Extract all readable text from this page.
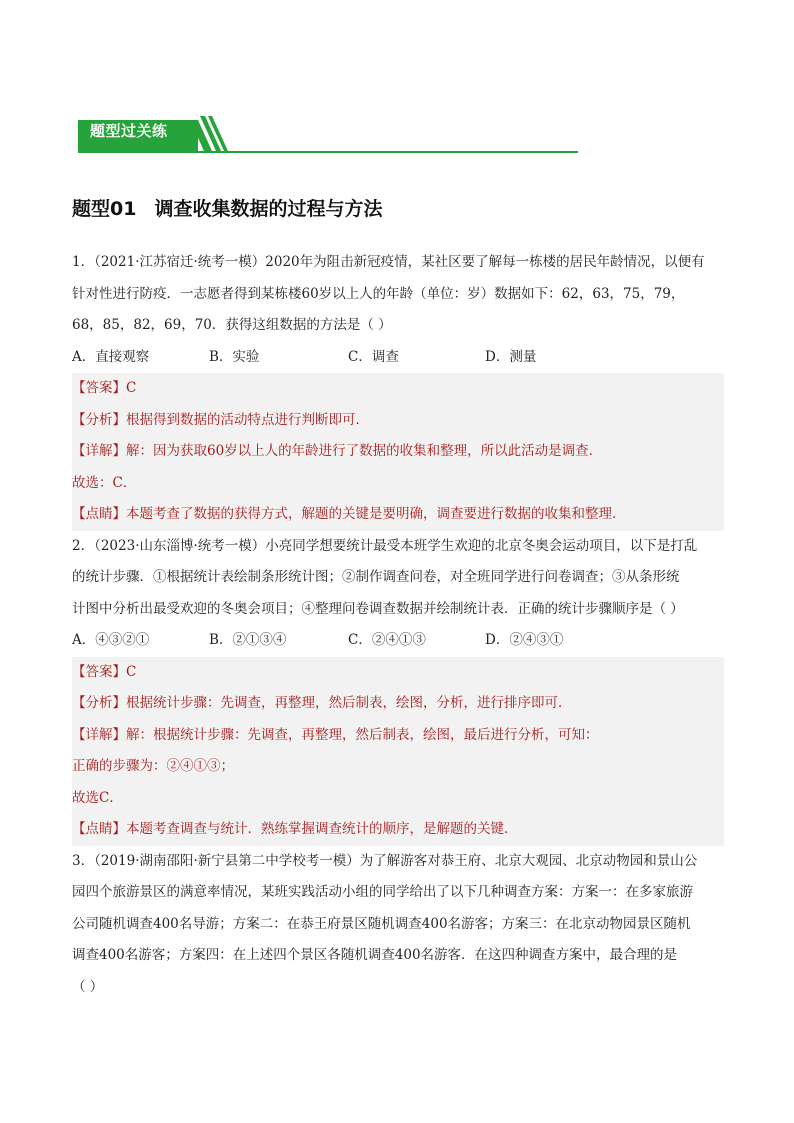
题型过关练
题型01 调查收集数据的过程与方法
1．（2021·江苏宿迁·统考一模）2020年为阻击新冠疫情，某社区要了解每一栋楼的居民年龄情况，以便有
针对性进行防疫．一志愿者得到某栋楼60岁以上人的年龄（单位：岁）数据如下：62，63，75，79，
68，85，82，69，70．获得这组数据的方法是（ ）
A．直接观察	B．实验	C．调查	D．测量
【答案】C
【分析】根据得到数据的活动特点进行判断即可．
【详解】解：因为获取60岁以上人的年龄进行了数据的收集和整理，所以此活动是调查．
故选：C．
【点睛】本题考查了数据的获得方式，解题的关键是要明确，调查要进行数据的收集和整理．
2．（2023·山东淄博·统考一模）小亮同学想要统计最受本班学生欢迎的北京冬奥会运动项目，以下是打乱
的统计步骤．①根据统计表绘制条形统计图；②制作调查问卷，对全班同学进行问卷调查；③从条形统
计图中分析出最受欢迎的冬奥会项目；④整理问卷调查数据并绘制统计表．正确的统计步骤顺序是（ ）
A．④③②①	B．②①③④	C．②④①③	D．②④③①
【答案】C
【分析】根据统计步骤：先调查，再整理，然后制表，绘图，分析，进行排序即可．
【详解】解：根据统计步骤：先调查，再整理，然后制表，绘图，最后进行分析，可知：
正确的步骤为：②④①③；
故选C．
【点睛】本题考查调查与统计．熟练掌握调查统计的顺序，是解题的关键．
3．（2019·湖南邵阳·新宁县第二中学校考一模）为了解游客对恭王府、北京大观园、北京动物园和景山公
园四个旅游景区的满意率情况，某班实践活动小组的同学给出了以下几种调查方案：方案一：在多家旅游
公司随机调查400名导游；方案二：在恭王府景区随机调查400名游客；方案三：在北京动物园景区随机
调查400名游客；方案四：在上述四个景区各随机调查400名游客．在这四种调查方案中，最合理的是
（ ）
